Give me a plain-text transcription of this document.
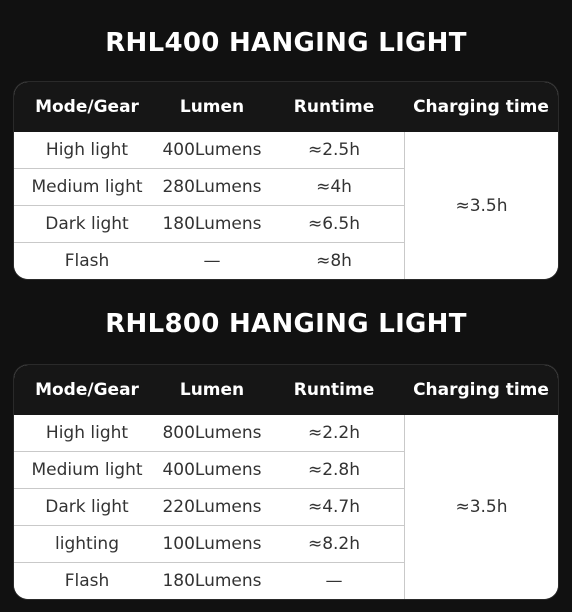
RHL400 HANGING LIGHT
Mode/Gear	Lumen	Runtime	Charging time
High light	400Lumens	≈2.5h
Medium light	280Lumens	≈4h
Dark light	180Lumens	≈6.5h
Flash	—	≈8h
≈3.5h
RHL800 HANGING LIGHT
Mode/Gear	Lumen	Runtime	Charging time
High light	800Lumens	≈2.2h
Medium light	400Lumens	≈2.8h
Dark light	220Lumens	≈4.7h
lighting	100Lumens	≈8.2h
Flash	180Lumens	—
≈3.5h
